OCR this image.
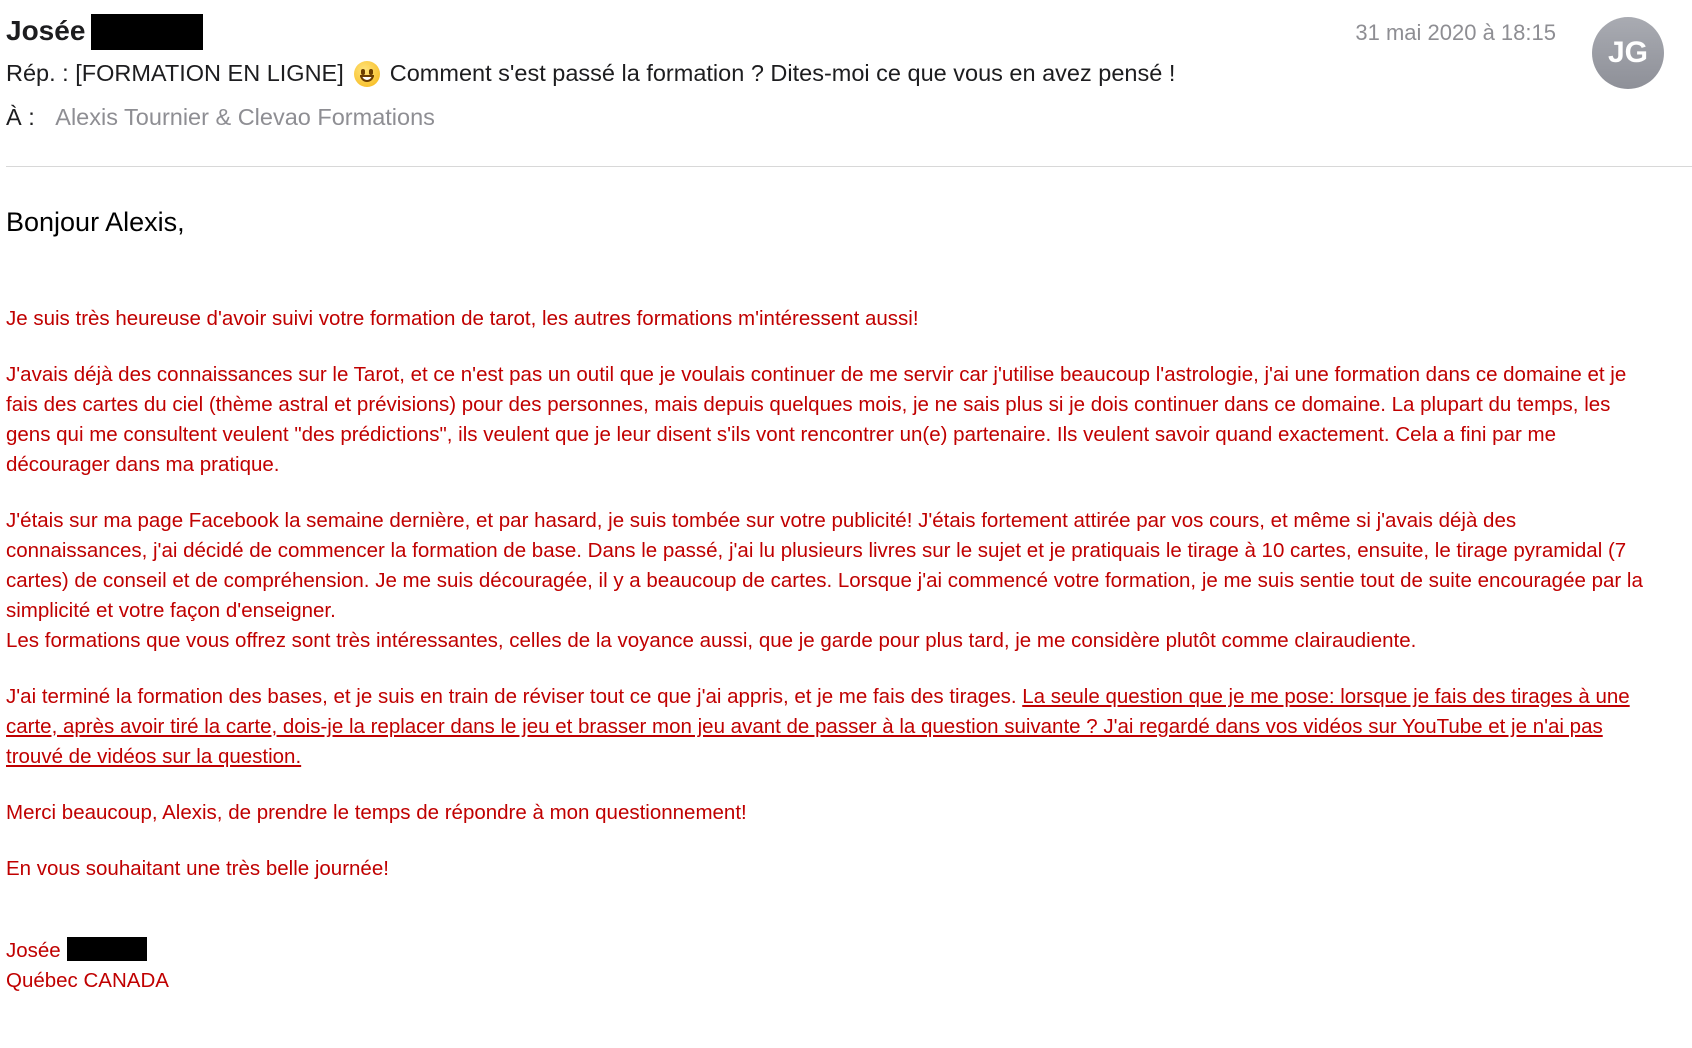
Josée	31 mai 2020 à 18:15
JG
Rép. : [FORMATION EN LIGNE] Comment s'est passé la formation ? Dites-moi ce que vous en avez pensé !
À : Alexis Tournier & Clevao Formations

Bonjour Alexis,

Je suis très heureuse d'avoir suivi votre formation de tarot, les autres formations m'intéressent aussi!

J'avais déjà des connaissances sur le Tarot, et ce n'est pas un outil que je voulais continuer de me servir car j'utilise beaucoup l'astrologie, j'ai une formation dans ce domaine et je fais des cartes du ciel (thème astral et prévisions) pour des personnes, mais depuis quelques mois, je ne sais plus si je dois continuer dans ce domaine. La plupart du temps, les gens qui me consultent veulent "des prédictions", ils veulent que je leur disent s'ils vont rencontrer un(e) partenaire. Ils veulent savoir quand exactement. Cela a fini par me décourager dans ma pratique.

J'étais sur ma page Facebook la semaine dernière, et par hasard, je suis tombée sur votre publicité! J'étais fortement attirée par vos cours, et même si j'avais déjà des connaissances, j'ai décidé de commencer la formation de base. Dans le passé, j'ai lu plusieurs livres sur le sujet et je pratiquais le tirage à 10 cartes, ensuite, le tirage pyramidal (7 cartes) de conseil et de compréhension. Je me suis découragée, il y a beaucoup de cartes. Lorsque j'ai commencé votre formation, je me suis sentie tout de suite encouragée par la simplicité et votre façon d'enseigner.

Les formations que vous offrez sont très intéressantes, celles de la voyance aussi, que je garde pour plus tard, je me considère plutôt comme clairaudiente.

J'ai terminé la formation des bases, et je suis en train de réviser tout ce que j'ai appris, et je me fais des tirages. La seule question que je me pose: lorsque je fais des tirages à une carte, après avoir tiré la carte, dois-je la replacer dans le jeu et brasser mon jeu avant de passer à la question suivante ? J'ai regardé dans vos vidéos sur YouTube et je n'ai pas trouvé de vidéos sur la question.

Merci beaucoup, Alexis, de prendre le temps de répondre à mon questionnement!

En vous souhaitant une très belle journée!

Josée

Québec CANADA
